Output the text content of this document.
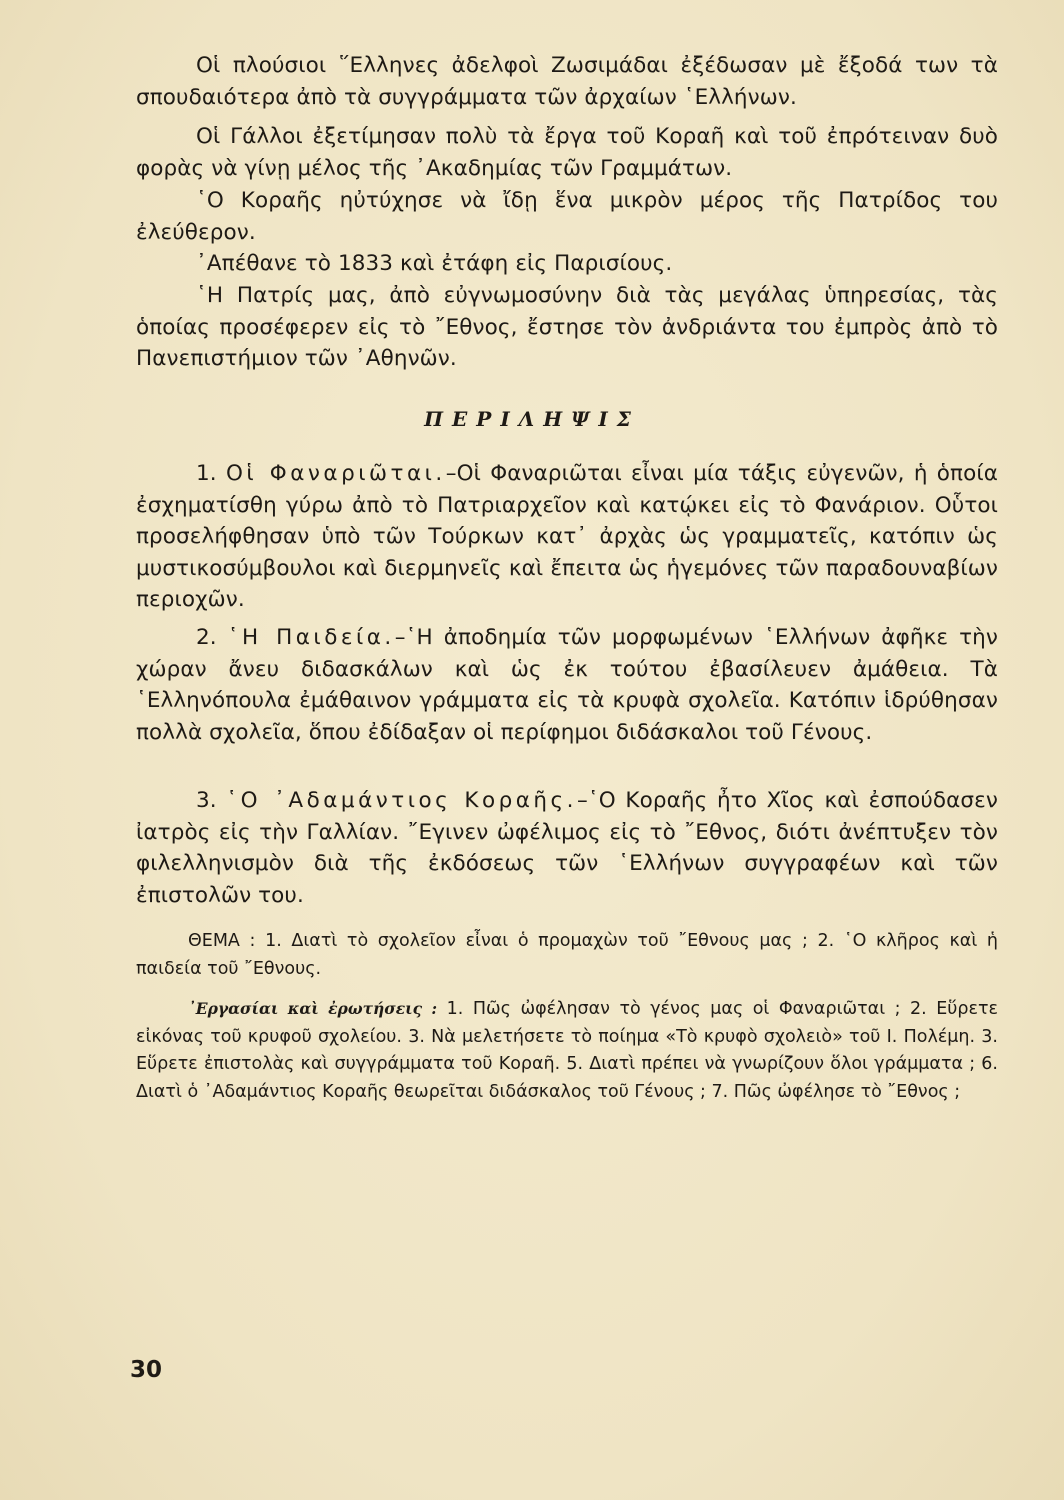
Οἱ πλούσιοι ῞Ελληνες ἀδελφοὶ Ζωσιμάδαι ἐξέδωσαν μὲ ἔξοδά των τὰ σπουδαιότερα ἀπὸ τὰ συγγράμματα τῶν ἀρχαίων ῾Ελλήνων.

Οἱ Γάλλοι ἐξετίμησαν πολὺ τὰ ἔργα τοῦ Κοραῆ καὶ τοῦ ἐπρότειναν δυὸ φορὰς νὰ γίνῃ μέλος τῆς ᾿Ακαδημίας τῶν Γραμμάτων.

῾Ο Κοραῆς ηὐτύχησε νὰ ἴδῃ ἕνα μικρὸν μέρος τῆς Πατρίδος του ἐλεύθερον.

᾿Απέθανε τὸ 1833 καὶ ἐτάφη εἰς Παρισίους.

῾Η Πατρίς μας, ἀπὸ εὐγνωμοσύνην διὰ τὰς μεγάλας ὑπηρεσίας, τὰς ὁποίας προσέφερεν εἰς τὸ ῎Εθνος, ἔστησε τὸν ἀνδριάντα του ἐμπρὸς ἀπὸ τὸ Πανεπιστήμιον τῶν ᾿Αθηνῶν.

ΠΕΡΙΛΗΨΙΣ

1. Οἱ Φαναριῶται.–Οἱ Φαναριῶται εἶναι μία τάξις εὐγενῶν, ἡ ὁποία ἐσχηματίσθη γύρω ἀπὸ τὸ Πατριαρχεῖον καὶ κατῴκει εἰς τὸ Φανάριον. Οὗτοι προσελήφθησαν ὑπὸ τῶν Τούρκων κατ᾿ ἀρχὰς ὡς γραμματεῖς, κατόπιν ὡς μυστικοσύμβουλοι καὶ διερμηνεῖς καὶ ἔπειτα ὡς ἡγεμόνες τῶν παραδουναβίων περιοχῶν.

2. ῾Η Παιδεία.–῾Η ἀποδημία τῶν μορφωμένων ῾Ελλήνων ἀφῆκε τὴν χώραν ἄνευ διδασκάλων καὶ ὡς ἐκ τούτου ἐβασίλευεν ἀμάθεια. Τὰ ῾Ελληνόπουλα ἐμάθαινον γράμματα εἰς τὰ κρυφὰ σχολεῖα. Κατόπιν ἱδρύθησαν πολλὰ σχολεῖα, ὅπου ἐδίδαξαν οἱ περίφημοι διδάσκαλοι τοῦ Γένους.

3. ῾Ο ᾿Αδαμάντιος Κοραῆς.–῾Ο Κοραῆς ἦτο Χῖος καὶ ἐσπούδασεν ἰατρὸς εἰς τὴν Γαλλίαν. ῎Εγινεν ὠφέλιμος εἰς τὸ ῎Εθνος, διότι ἀνέπτυξεν τὸν φιλελληνισμὸν διὰ τῆς ἐκδόσεως τῶν ῾Ελλήνων συγγραφέων καὶ τῶν ἐπιστολῶν του.

ΘΕΜΑ : 1. Διατὶ τὸ σχολεῖον εἶναι ὁ προμαχὼν τοῦ ῎Εθνους μας ; 2. ῾Ο κλῆρος καὶ ἡ παιδεία τοῦ ῎Εθνους.

᾿Εργασίαι καὶ ἐρωτήσεις : 1. Πῶς ὠφέλησαν τὸ γένος μας οἱ Φαναριῶται ; 2. Εὕρετε εἰκόνας τοῦ κρυφοῦ σχολείου. 3. Νὰ μελετήσετε τὸ ποίημα «Τὸ κρυφὸ σχολειὸ» τοῦ Ι. Πολέμη. 3. Εὕρετε ἐπιστολὰς καὶ συγγράμματα τοῦ Κοραῆ. 5. Διατὶ πρέπει νὰ γνωρίζουν ὅλοι γράμματα ; 6. Διατὶ ὁ ᾿Αδαμάντιος Κοραῆς θεωρεῖται διδάσκαλος τοῦ Γένους ; 7. Πῶς ὠφέλησε τὸ ῎Εθνος ;

30
